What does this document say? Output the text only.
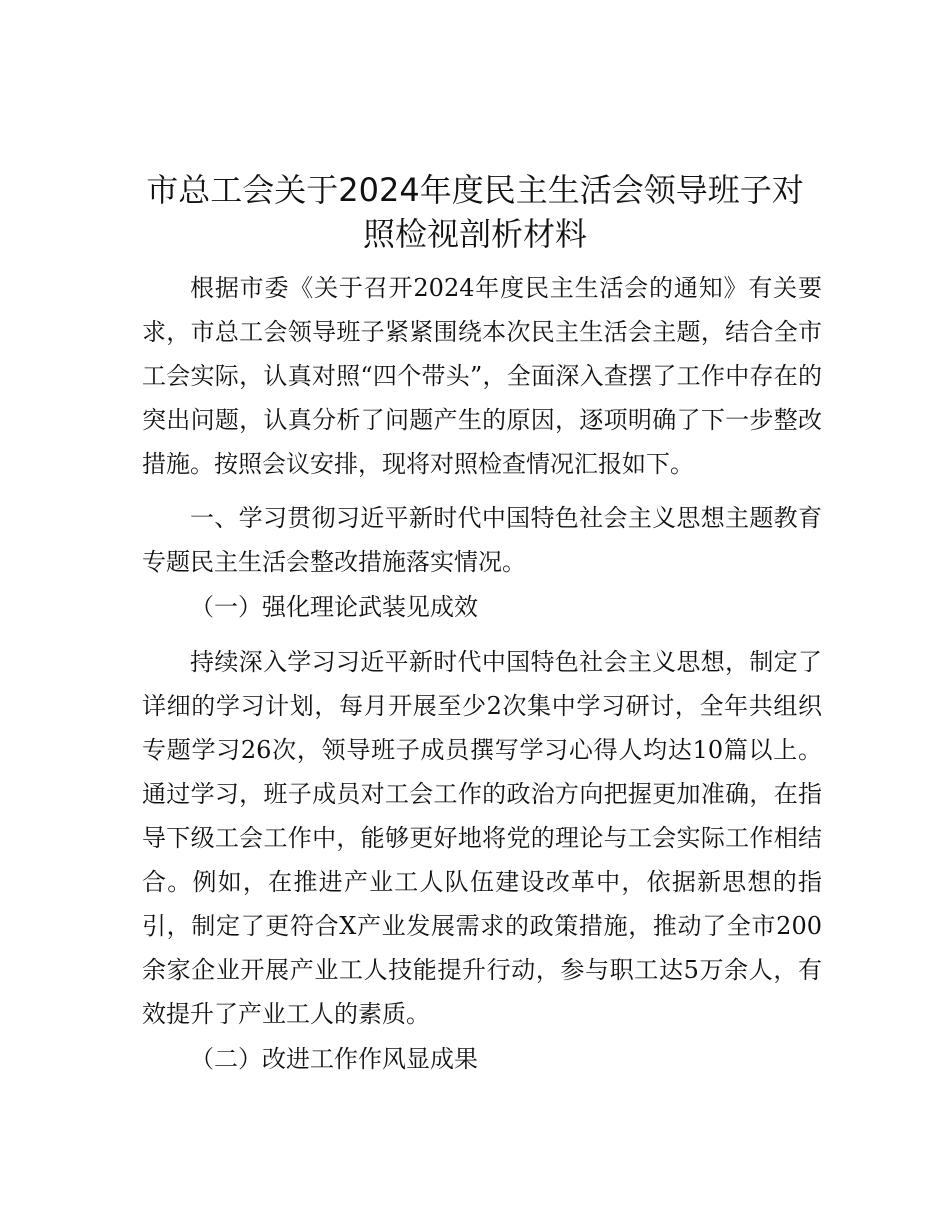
市总工会关于2024年度民主生活会领导班子对
照检视剖析材料

根据市委《关于召开2024年度民主生活会的通知》有关要求，市总工会领导班子紧紧围绕本次民主生活会主题，结合全市工会实际，认真对照“四个带头”，全面深入查摆了工作中存在的突出问题，认真分析了问题产生的原因，逐项明确了下一步整改措施。按照会议安排，现将对照检查情况汇报如下。

一、学习贯彻习近平新时代中国特色社会主义思想主题教育专题民主生活会整改措施落实情况。

（一）强化理论武装见成效

持续深入学习习近平新时代中国特色社会主义思想，制定了详细的学习计划，每月开展至少2次集中学习研讨，全年共组织专题学习26次，领导班子成员撰写学习心得人均达10篇以上。通过学习，班子成员对工会工作的政治方向把握更加准确，在指导下级工会工作中，能够更好地将党的理论与工会实际工作相结合。例如，在推进产业工人队伍建设改革中，依据新思想的指引，制定了更符合X产业发展需求的政策措施，推动了全市200余家企业开展产业工人技能提升行动，参与职工达5万余人，有效提升了产业工人的素质。

（二）改进工作作风显成果
